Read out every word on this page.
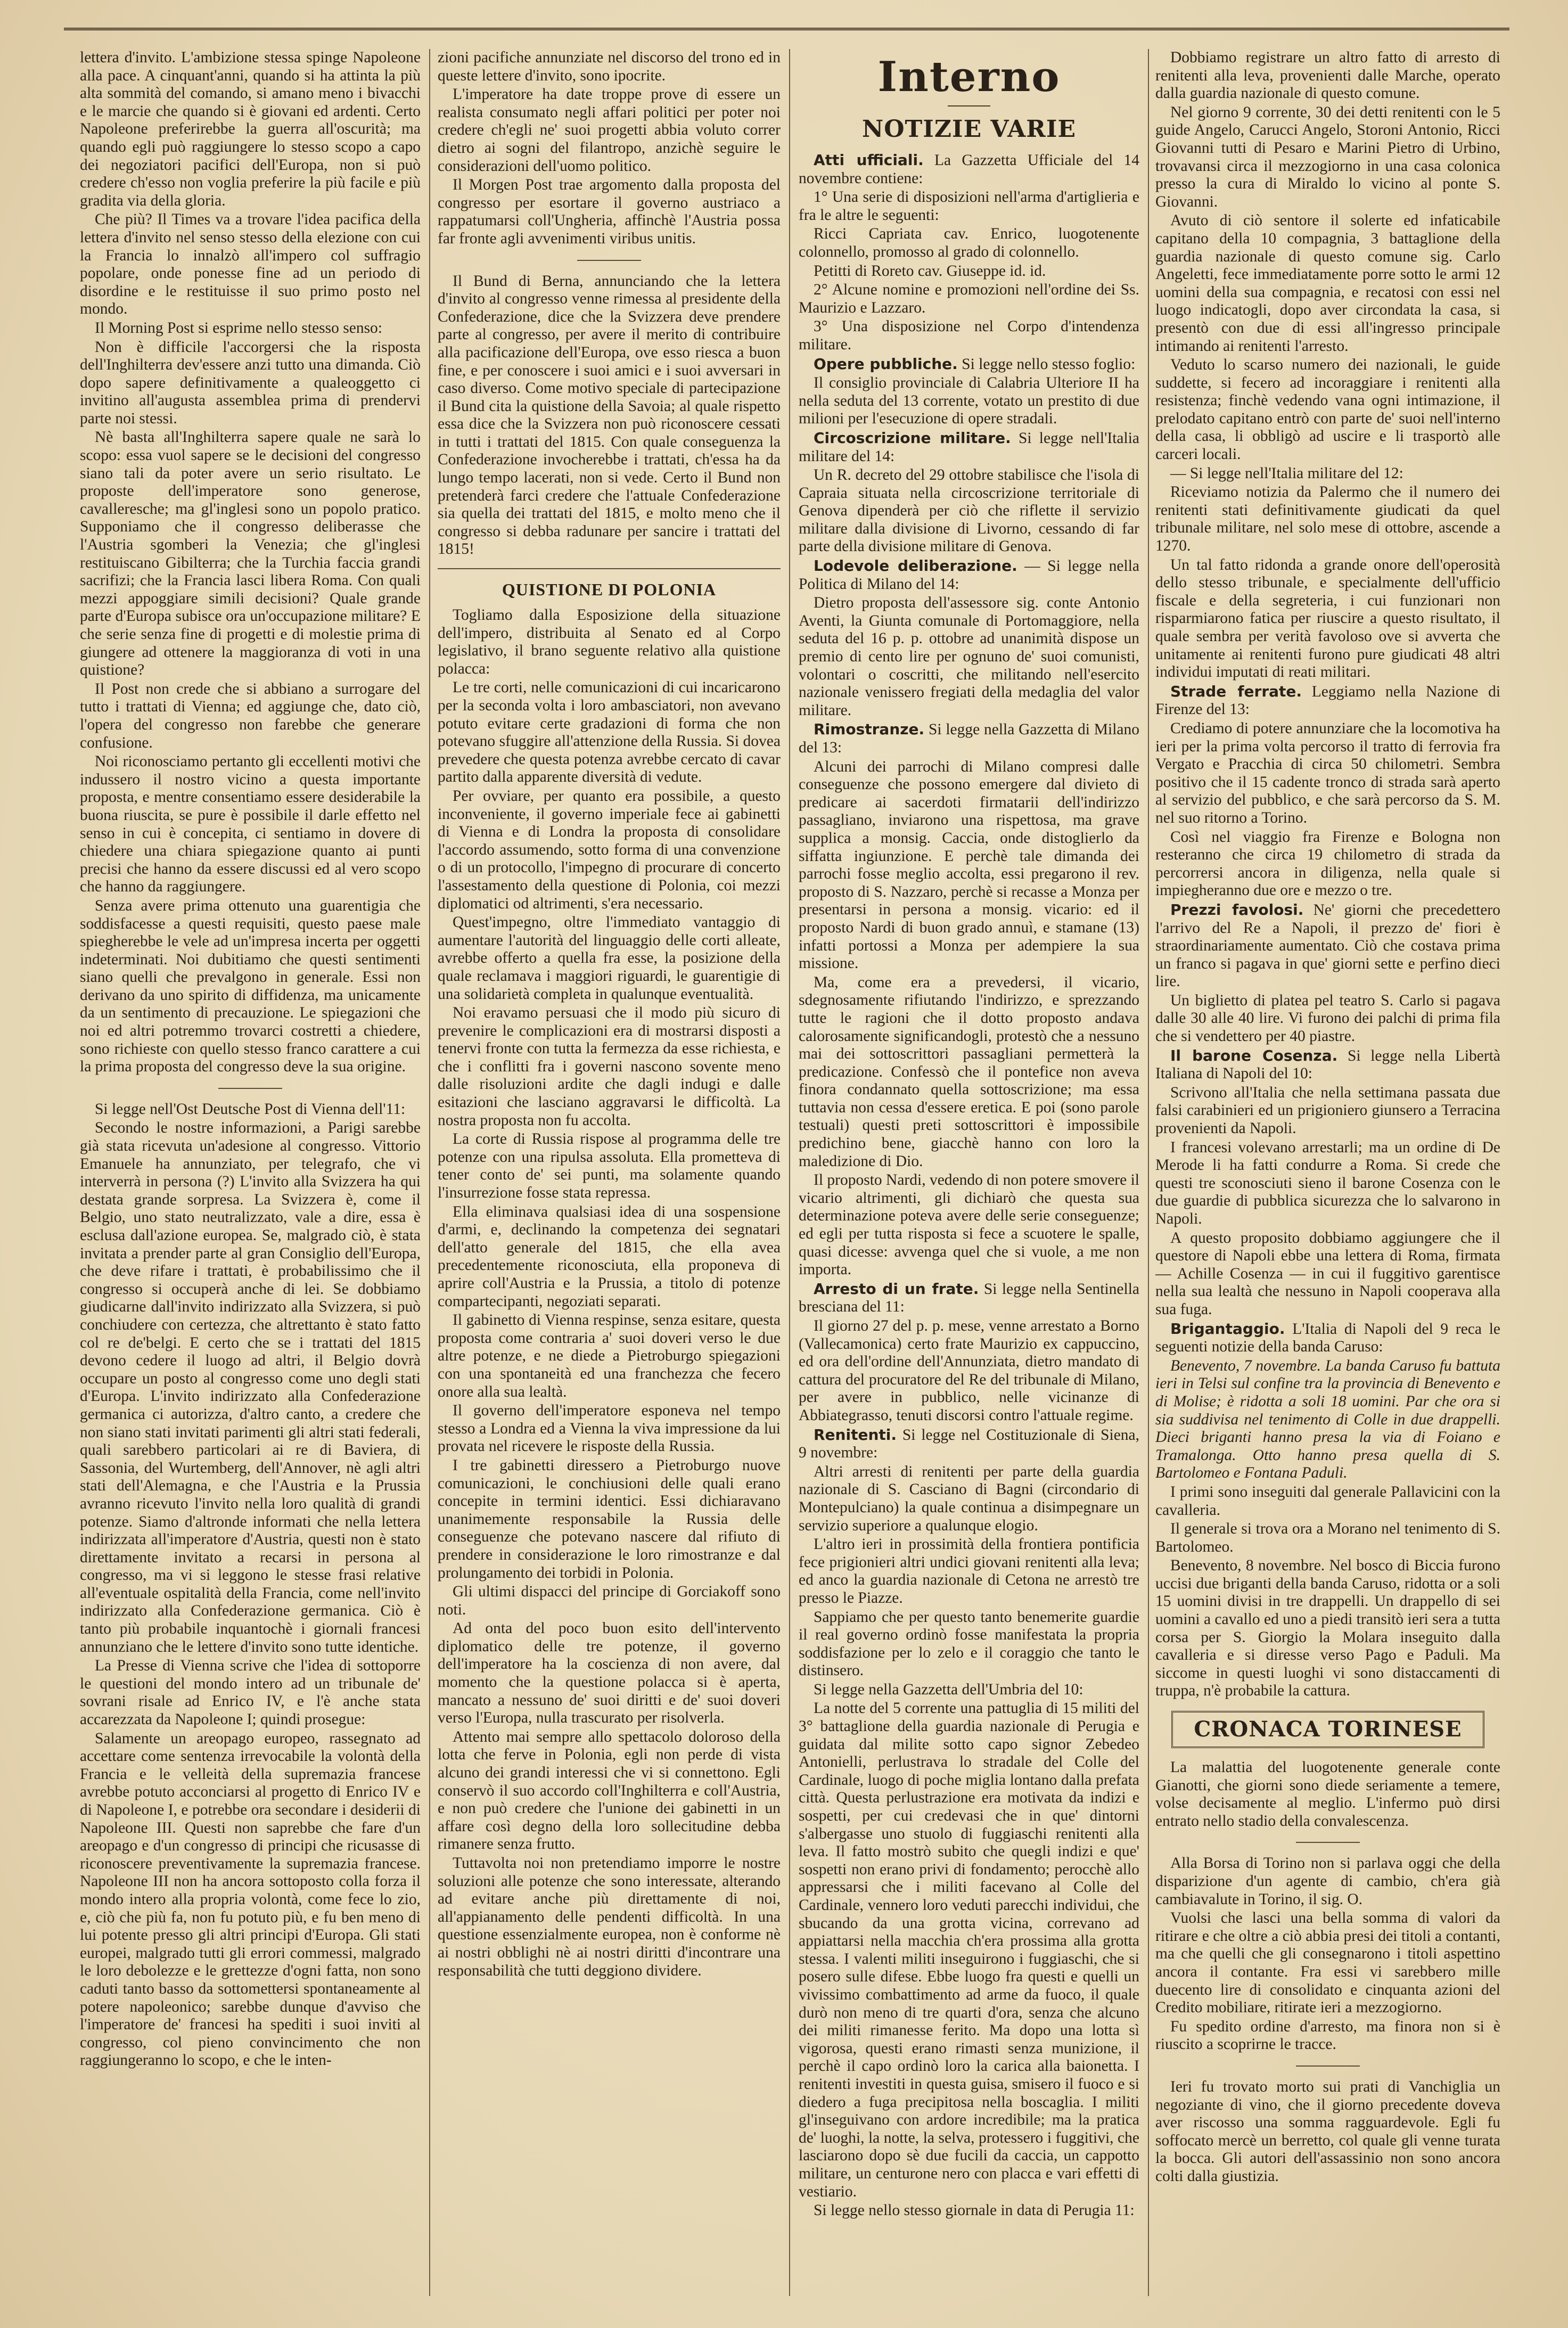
lettera d'invito. L'ambizione stessa spinge Napoleone alla pace. A cinquant'anni, quando si ha attinta la più alta sommità del comando, si amano meno i bivacchi e le marcie che quando si è giovani ed ardenti. Certo Napoleone preferirebbe la guerra all'oscurità; ma quando egli può raggiungere lo stesso scopo a capo dei negoziatori pacifici dell'Europa, non si può credere ch'esso non voglia preferire la più facile e più gradita via della gloria.

Che più? Il Times va a trovare l'idea pacifica della lettera d'invito nel senso stesso della elezione con cui la Francia lo innalzò all'impero col suffragio popolare, onde ponesse fine ad un periodo di disordine e le restituisse il suo primo posto nel mondo.

Il Morning Post si esprime nello stesso senso:

Non è difficile l'accorgersi che la risposta dell'Inghilterra dev'essere anzi tutto una dimanda. Ciò dopo sapere definitivamente a qualeoggetto ci invitino all'augusta assemblea prima di prendervi parte noi stessi.

Nè basta all'Inghilterra sapere quale ne sarà lo scopo: essa vuol sapere se le decisioni del congresso siano tali da poter avere un serio risultato. Le proposte dell'imperatore sono generose, cavalleresche; ma gl'inglesi sono un popolo pratico. Supponiamo che il congresso deliberasse che l'Austria sgomberi la Venezia; che gl'inglesi restituiscano Gibilterra; che la Turchia faccia grandi sacrifizi; che la Francia lasci libera Roma. Con quali mezzi appoggiare simili decisioni? Quale grande parte d'Europa subisce ora un'occupazione militare? E che serie senza fine di progetti e di molestie prima di giungere ad ottenere la maggioranza di voti in una quistione?

Il Post non crede che si abbiano a surrogare del tutto i trattati di Vienna; ed aggiunge che, dato ciò, l'opera del congresso non farebbe che generare confusione.

Noi riconosciamo pertanto gli eccellenti motivi che indussero il nostro vicino a questa importante proposta, e mentre consentiamo essere desiderabile la buona riuscita, se pure è possibile il darle effetto nel senso in cui è concepita, ci sentiamo in dovere di chiedere una chiara spiegazione quanto ai punti precisi che hanno da essere discussi ed al vero scopo che hanno da raggiungere.

Senza avere prima ottenuto una guarentigia che soddisfacesse a questi requisiti, questo paese male spiegherebbe le vele ad un'impresa incerta per oggetti indeterminati. Noi dubitiamo che questi sentimenti siano quelli che prevalgono in generale. Essi non derivano da uno spirito di diffidenza, ma unicamente da un sentimento di precauzione. Le spiegazioni che noi ed altri potremmo trovarci costretti a chiedere, sono richieste con quello stesso franco carattere a cui la prima proposta del congresso deve la sua origine.

Si legge nell'Ost Deutsche Post di Vienna dell'11:

Secondo le nostre informazioni, a Parigi sarebbe già stata ricevuta un'adesione al congresso. Vittorio Emanuele ha annunziato, per telegrafo, che vi interverrà in persona (?) L'invito alla Svizzera ha qui destata grande sorpresa. La Svizzera è, come il Belgio, uno stato neutralizzato, vale a dire, essa è esclusa dall'azione europea. Se, malgrado ciò, è stata invitata a prender parte al gran Consiglio dell'Europa, che deve rifare i trattati, è probabilissimo che il congresso si occuperà anche di lei. Se dobbiamo giudicarne dall'invito indirizzato alla Svizzera, si può conchiudere con certezza, che altrettanto è stato fatto col re de'belgi. E certo che se i trattati del 1815 devono cedere il luogo ad altri, il Belgio dovrà occupare un posto al congresso come uno degli stati d'Europa. L'invito indirizzato alla Confederazione germanica ci autorizza, d'altro canto, a credere che non siano stati invitati parimenti gli altri stati federali, quali sarebbero particolari ai re di Baviera, di Sassonia, del Wurtemberg, dell'Annover, nè agli altri stati dell'Alemagna, e che l'Austria e la Prussia avranno ricevuto l'invito nella loro qualità di grandi potenze. Siamo d'altronde informati che nella lettera indirizzata all'imperatore d'Austria, questi non è stato direttamente invitato a recarsi in persona al congresso, ma vi si leggono le stesse frasi relative all'eventuale ospitalità della Francia, come nell'invito indirizzato alla Confederazione germanica. Ciò è tanto più probabile inquantochè i giornali francesi annunziano che le lettere d'invito sono tutte identiche.

La Presse di Vienna scrive che l'idea di sottoporre le questioni del mondo intero ad un tribunale de' sovrani risale ad Enrico IV, e l'è anche stata accarezzata da Napoleone I; quindi prosegue:

Salamente un areopago europeo, rassegnato ad accettare come sentenza irrevocabile la volontà della Francia e le velleità della supremazia francese avrebbe potuto acconciarsi al progetto di Enrico IV e di Napoleone I, e potrebbe ora secondare i desiderii di Napoleone III. Questi non saprebbe che fare d'un areopago e d'un congresso di principi che ricusasse di riconoscere preventivamente la supremazia francese. Napoleone III non ha ancora sottoposto colla forza il mondo intero alla propria volontà, come fece lo zio, e, ciò che più fa, non fu potuto più, e fu ben meno di lui potente presso gli altri principi d'Europa. Gli stati europei, malgrado tutti gli errori commessi, malgrado le loro debolezze e le grettezze d'ogni fatta, non sono caduti tanto basso da sottomettersi spontaneamente al potere napoleonico; sarebbe dunque d'avviso che l'imperatore de' francesi ha spediti i suoi inviti al congresso, col pieno convincimento che non raggiungeranno lo scopo, e che le inten-

zioni pacifiche annunziate nel discorso del trono ed in queste lettere d'invito, sono ipocrite.

L'imperatore ha date troppe prove di essere un realista consumato negli affari politici per poter noi credere ch'egli ne' suoi progetti abbia voluto correr dietro ai sogni del filantropo, anzichè seguire le considerazioni dell'uomo politico.

Il Morgen Post trae argomento dalla proposta del congresso per esortare il governo austriaco a rappatumarsi coll'Ungheria, affinchè l'Austria possa far fronte agli avvenimenti viribus unitis.

Il Bund di Berna, annunciando che la lettera d'invito al congresso venne rimessa al presidente della Confederazione, dice che la Svizzera deve prendere parte al congresso, per avere il merito di contribuire alla pacificazione dell'Europa, ove esso riesca a buon fine, e per conoscere i suoi amici e i suoi avversari in caso diverso. Come motivo speciale di partecipazione il Bund cita la quistione della Savoia; al quale rispetto essa dice che la Svizzera non può riconoscere cessati in tutti i trattati del 1815. Con quale conseguenza la Confederazione invocherebbe i trattati, ch'essa ha da lungo tempo lacerati, non si vede. Certo il Bund non pretenderà farci credere che l'attuale Confederazione sia quella dei trattati del 1815, e molto meno che il congresso si debba radunare per sancire i trattati del 1815!

QUISTIONE DI POLONIA

Togliamo dalla Esposizione della situazione dell'impero, distribuita al Senato ed al Corpo legislativo, il brano seguente relativo alla quistione polacca:

Le tre corti, nelle comunicazioni di cui incaricarono per la seconda volta i loro ambasciatori, non avevano potuto evitare certe gradazioni di forma che non potevano sfuggire all'attenzione della Russia. Si dovea prevedere che questa potenza avrebbe cercato di cavar partito dalla apparente diversità di vedute.

Per ovviare, per quanto era possibile, a questo inconveniente, il governo imperiale fece ai gabinetti di Vienna e di Londra la proposta di consolidare l'accordo assumendo, sotto forma di una convenzione o di un protocollo, l'impegno di procurare di concerto l'assestamento della questione di Polonia, coi mezzi diplomatici od altrimenti, s'era necessario.

Quest'impegno, oltre l'immediato vantaggio di aumentare l'autorità del linguaggio delle corti alleate, avrebbe offerto a quella fra esse, la posizione della quale reclamava i maggiori riguardi, le guarentigie di una solidarietà completa in qualunque eventualità.

Noi eravamo persuasi che il modo più sicuro di prevenire le complicazioni era di mostrarsi disposti a tenervi fronte con tutta la fermezza da esse richiesta, e che i conflitti fra i governi nascono sovente meno dalle risoluzioni ardite che dagli indugi e dalle esitazioni che lasciano aggravarsi le difficoltà. La nostra proposta non fu accolta.

La corte di Russia rispose al programma delle tre potenze con una ripulsa assoluta. Ella prometteva di tener conto de' sei punti, ma solamente quando l'insurrezione fosse stata repressa.

Ella eliminava qualsiasi idea di una sospensione d'armi, e, declinando la competenza dei segnatari dell'atto generale del 1815, che ella avea precedentemente riconosciuta, ella proponeva di aprire coll'Austria e la Prussia, a titolo di potenze compartecipanti, negoziati separati.

Il gabinetto di Vienna respinse, senza esitare, questa proposta come contraria a' suoi doveri verso le due altre potenze, e ne diede a Pietroburgo spiegazioni con una spontaneità ed una franchezza che fecero onore alla sua lealtà.

Il governo dell'imperatore esponeva nel tempo stesso a Londra ed a Vienna la viva impressione da lui provata nel ricevere le risposte della Russia.

I tre gabinetti diressero a Pietroburgo nuove comunicazioni, le conchiusioni delle quali erano concepite in termini identici. Essi dichiaravano unanimemente responsabile la Russia delle conseguenze che potevano nascere dal rifiuto di prendere in considerazione le loro rimostranze e dal prolungamento dei torbidi in Polonia.

Gli ultimi dispacci del principe di Gorciakoff sono noti.

Ad onta del poco buon esito dell'intervento diplomatico delle tre potenze, il governo dell'imperatore ha la coscienza di non avere, dal momento che la questione polacca si è aperta, mancato a nessuno de' suoi diritti e de' suoi doveri verso l'Europa, nulla trascurato per risolverla.

Attento mai sempre allo spettacolo doloroso della lotta che ferve in Polonia, egli non perde di vista alcuno dei grandi interessi che vi si connettono. Egli conservò il suo accordo coll'Inghilterra e coll'Austria, e non può credere che l'unione dei gabinetti in un affare così degno della loro sollecitudine debba rimanere senza frutto.

Tuttavolta noi non pretendiamo imporre le nostre soluzioni alle potenze che sono interessate, alterando ad evitare anche più direttamente di noi, all'appianamento delle pendenti difficoltà. In una questione essenzialmente europea, non è conforme nè ai nostri obblighi nè ai nostri diritti d'incontrare una responsabilità che tutti deggiono dividere.

Interno
NOTIZIE VARIE

Atti ufficiali. La Gazzetta Ufficiale del 14 novembre contiene:

1° Una serie di disposizioni nell'arma d'artiglieria e fra le altre le seguenti:

Ricci Capriata cav. Enrico, luogotenente colonnello, promosso al grado di colonnello.

Petitti di Roreto cav. Giuseppe id. id.

2° Alcune nomine e promozioni nell'ordine dei Ss. Maurizio e Lazzaro.

3° Una disposizione nel Corpo d'intendenza militare.

Opere pubbliche. Si legge nello stesso foglio:

Il consiglio provinciale di Calabria Ulteriore II ha nella seduta del 13 corrente, votato un prestito di due milioni per l'esecuzione di opere stradali.

Circoscrizione militare. Si legge nell'Italia militare del 14:

Un R. decreto del 29 ottobre stabilisce che l'isola di Capraia situata nella circoscrizione territoriale di Genova dipenderà per ciò che riflette il servizio militare dalla divisione di Livorno, cessando di far parte della divisione militare di Genova.

Lodevole deliberazione. — Si legge nella Politica di Milano del 14:

Dietro proposta dell'assessore sig. conte Antonio Aventi, la Giunta comunale di Portomaggiore, nella seduta del 16 p. p. ottobre ad unanimità dispose un premio di cento lire per ognuno de' suoi comunisti, volontari o coscritti, che militando nell'esercito nazionale venissero fregiati della medaglia del valor militare.

Rimostranze. Si legge nella Gazzetta di Milano del 13:

Alcuni dei parrochi di Milano compresi dalle conseguenze che possono emergere dal divieto di predicare ai sacerdoti firmatarii dell'indirizzo passagliano, inviarono una rispettosa, ma grave supplica a monsig. Caccia, onde distoglierlo da siffatta ingiunzione. E perchè tale dimanda dei parrochi fosse meglio accolta, essi pregarono il rev. proposto di S. Nazzaro, perchè si recasse a Monza per presentarsi in persona a monsig. vicario: ed il proposto Nardi di buon grado annuì, e stamane (13) infatti portossi a Monza per adempiere la sua missione.

Ma, come era a prevedersi, il vicario, sdegnosamente rifiutando l'indirizzo, e sprezzando tutte le ragioni che il dotto proposto andava calorosamente significandogli, protestò che a nessuno mai dei sottoscrittori passagliani permetterà la predicazione. Confessò che il pontefice non aveva finora condannato quella sottoscrizione; ma essa tuttavia non cessa d'essere eretica. E poi (sono parole testuali) questi preti sottoscrittori è impossibile predichino bene, giacchè hanno con loro la maledizione di Dio.

Il proposto Nardi, vedendo di non potere smovere il vicario altrimenti, gli dichiarò che questa sua determinazione poteva avere delle serie conseguenze; ed egli per tutta risposta si fece a scuotere le spalle, quasi dicesse: avvenga quel che si vuole, a me non importa.

Arresto di un frate. Si legge nella Sentinella bresciana del 11:

Il giorno 27 del p. p. mese, venne arrestato a Borno (Vallecamonica) certo frate Maurizio ex cappuccino, ed ora dell'ordine dell'Annunziata, dietro mandato di cattura del procuratore del Re del tribunale di Milano, per avere in pubblico, nelle vicinanze di Abbiategrasso, tenuti discorsi contro l'attuale regime.

Renitenti. Si legge nel Costituzionale di Siena, 9 novembre:

Altri arresti di renitenti per parte della guardia nazionale di S. Casciano di Bagni (circondario di Montepulciano) la quale continua a disimpegnare un servizio superiore a qualunque elogio.

L'altro ieri in prossimità della frontiera pontificia fece prigionieri altri undici giovani renitenti alla leva; ed anco la guardia nazionale di Cetona ne arrestò tre presso le Piazze.

Sappiamo che per questo tanto benemerite guardie il real governo ordinò fosse manifestata la propria soddisfazione per lo zelo e il coraggio che tanto le distinsero.

Si legge nella Gazzetta dell'Umbria del 10:

La notte del 5 corrente una pattuglia di 15 militi del 3° battaglione della guardia nazionale di Perugia e guidata dal milite sotto capo signor Zebedeo Antonielli, perlustrava lo stradale del Colle del Cardinale, luogo di poche miglia lontano dalla prefata città. Questa perlustrazione era motivata da indizi e sospetti, per cui credevasi che in que' dintorni s'albergasse uno stuolo di fuggiaschi renitenti alla leva. Il fatto mostrò subito che quegli indizi e que' sospetti non erano privi di fondamento; perocchè allo appressarsi che i militi facevano al Colle del Cardinale, vennero loro veduti parecchi individui, che sbucando da una grotta vicina, correvano ad appiattarsi nella macchia ch'era prossima alla grotta stessa. I valenti militi inseguirono i fuggiaschi, che si posero sulle difese. Ebbe luogo fra questi e quelli un vivissimo combattimento ad arme da fuoco, il quale durò non meno di tre quarti d'ora, senza che alcuno dei militi rimanesse ferito. Ma dopo una lotta sì vigorosa, questi erano rimasti senza munizione, il perchè il capo ordinò loro la carica alla baionetta. I renitenti investiti in questa guisa, smisero il fuoco e si diedero a fuga precipitosa nella boscaglia. I militi gl'inseguivano con ardore incredibile; ma la pratica de' luoghi, la notte, la selva, protessero i fuggitivi, che lasciarono dopo sè due fucili da caccia, un cappotto militare, un centurone nero con placca e vari effetti di vestiario.

Si legge nello stesso giornale in data di Perugia 11:

Dobbiamo registrare un altro fatto di arresto di renitenti alla leva, provenienti dalle Marche, operato dalla guardia nazionale di questo comune.

Nel giorno 9 corrente, 30 dei detti renitenti con le 5 guide Angelo, Carucci Angelo, Storoni Antonio, Ricci Giovanni tutti di Pesaro e Marini Pietro di Urbino, trovavansi circa il mezzogiorno in una casa colonica presso la cura di Miraldo lo vicino al ponte S. Giovanni.

Avuto di ciò sentore il solerte ed infaticabile capitano della 10 compagnia, 3 battaglione della guardia nazionale di questo comune sig. Carlo Angeletti, fece immediatamente porre sotto le armi 12 uomini della sua compagnia, e recatosi con essi nel luogo indicatogli, dopo aver circondata la casa, si presentò con due di essi all'ingresso principale intimando ai renitenti l'arresto.

Veduto lo scarso numero dei nazionali, le guide suddette, si fecero ad incoraggiare i renitenti alla resistenza; finchè vedendo vana ogni intimazione, il prelodato capitano entrò con parte de' suoi nell'interno della casa, li obbligò ad uscire e li trasportò alle carceri locali.

— Si legge nell'Italia militare del 12:

Riceviamo notizia da Palermo che il numero dei renitenti stati definitivamente giudicati da quel tribunale militare, nel solo mese di ottobre, ascende a 1270.

Un tal fatto ridonda a grande onore dell'operosità dello stesso tribunale, e specialmente dell'ufficio fiscale e della segreteria, i cui funzionari non risparmiarono fatica per riuscire a questo risultato, il quale sembra per verità favoloso ove si avverta che unitamente ai renitenti furono pure giudicati 48 altri individui imputati di reati militari.

Strade ferrate. Leggiamo nella Nazione di Firenze del 13:

Crediamo di potere annunziare che la locomotiva ha ieri per la prima volta percorso il tratto di ferrovia fra Vergato e Pracchia di circa 50 chilometri. Sembra positivo che il 15 cadente tronco di strada sarà aperto al servizio del pubblico, e che sarà percorso da S. M. nel suo ritorno a Torino.

Così nel viaggio fra Firenze e Bologna non resteranno che circa 19 chilometro di strada da percorrersi ancora in diligenza, nella quale si impiegheranno due ore e mezzo o tre.

Prezzi favolosi. Ne' giorni che precedettero l'arrivo del Re a Napoli, il prezzo de' fiori è straordinariamente aumentato. Ciò che costava prima un franco si pagava in que' giorni sette e perfino dieci lire.

Un biglietto di platea pel teatro S. Carlo si pagava dalle 30 alle 40 lire. Vi furono dei palchi di prima fila che si vendettero per 40 piastre.

Il barone Cosenza. Si legge nella Libertà Italiana di Napoli del 10:

Scrivono all'Italia che nella settimana passata due falsi carabinieri ed un prigioniero giunsero a Terracina provenienti da Napoli.

I francesi volevano arrestarli; ma un ordine di De Merode li ha fatti condurre a Roma. Si crede che questi tre sconosciuti sieno il barone Cosenza con le due guardie di pubblica sicurezza che lo salvarono in Napoli.

A questo proposito dobbiamo aggiungere che il questore di Napoli ebbe una lettera di Roma, firmata — Achille Cosenza — in cui il fuggitivo garentisce nella sua lealtà che nessuno in Napoli cooperava alla sua fuga.

Brigantaggio. L'Italia di Napoli del 9 reca le seguenti notizie della banda Caruso:

Benevento, 7 novembre. La banda Caruso fu battuta ieri in Telsi sul confine tra la provincia di Benevento e di Molise; è ridotta a soli 18 uomini. Par che ora si sia suddivisa nel tenimento di Colle in due drappelli. Dieci briganti hanno presa la via di Foiano e Tramalonga. Otto hanno presa quella di S. Bartolomeo e Fontana Paduli.

I primi sono inseguiti dal generale Pallavicini con la cavalleria.

Il generale si trova ora a Morano nel tenimento di S. Bartolomeo.

Benevento, 8 novembre. Nel bosco di Biccia furono uccisi due briganti della banda Caruso, ridotta or a soli 15 uomini divisi in tre drappelli. Un drappello di sei uomini a cavallo ed uno a piedi transitò ieri sera a tutta corsa per S. Giorgio la Molara inseguito dalla cavalleria e si diresse verso Pago e Paduli. Ma siccome in questi luoghi vi sono distaccamenti di truppa, n'è probabile la cattura.

CRONACA TORINESE

La malattia del luogotenente generale conte Gianotti, che giorni sono diede seriamente a temere, volse decisamente al meglio. L'infermo può dirsi entrato nello stadio della convalescenza.

Alla Borsa di Torino non si parlava oggi che della disparizione d'un agente di cambio, ch'era già cambiavalute in Torino, il sig. O.

Vuolsi che lasci una bella somma di valori da ritirare e che oltre a ciò abbia presi dei titoli a contanti, ma che quelli che gli consegnarono i titoli aspettino ancora il contante. Fra essi vi sarebbero mille duecento lire di consolidato e cinquanta azioni del Credito mobiliare, ritirate ieri a mezzogiorno.

Fu spedito ordine d'arresto, ma finora non si è riuscito a scoprirne le tracce.

Ieri fu trovato morto sui prati di Vanchiglia un negoziante di vino, che il giorno precedente doveva aver riscosso una somma ragguardevole. Egli fu soffocato mercè un berretto, col quale gli venne turata la bocca. Gli autori dell'assassinio non sono ancora colti dalla giustizia.
